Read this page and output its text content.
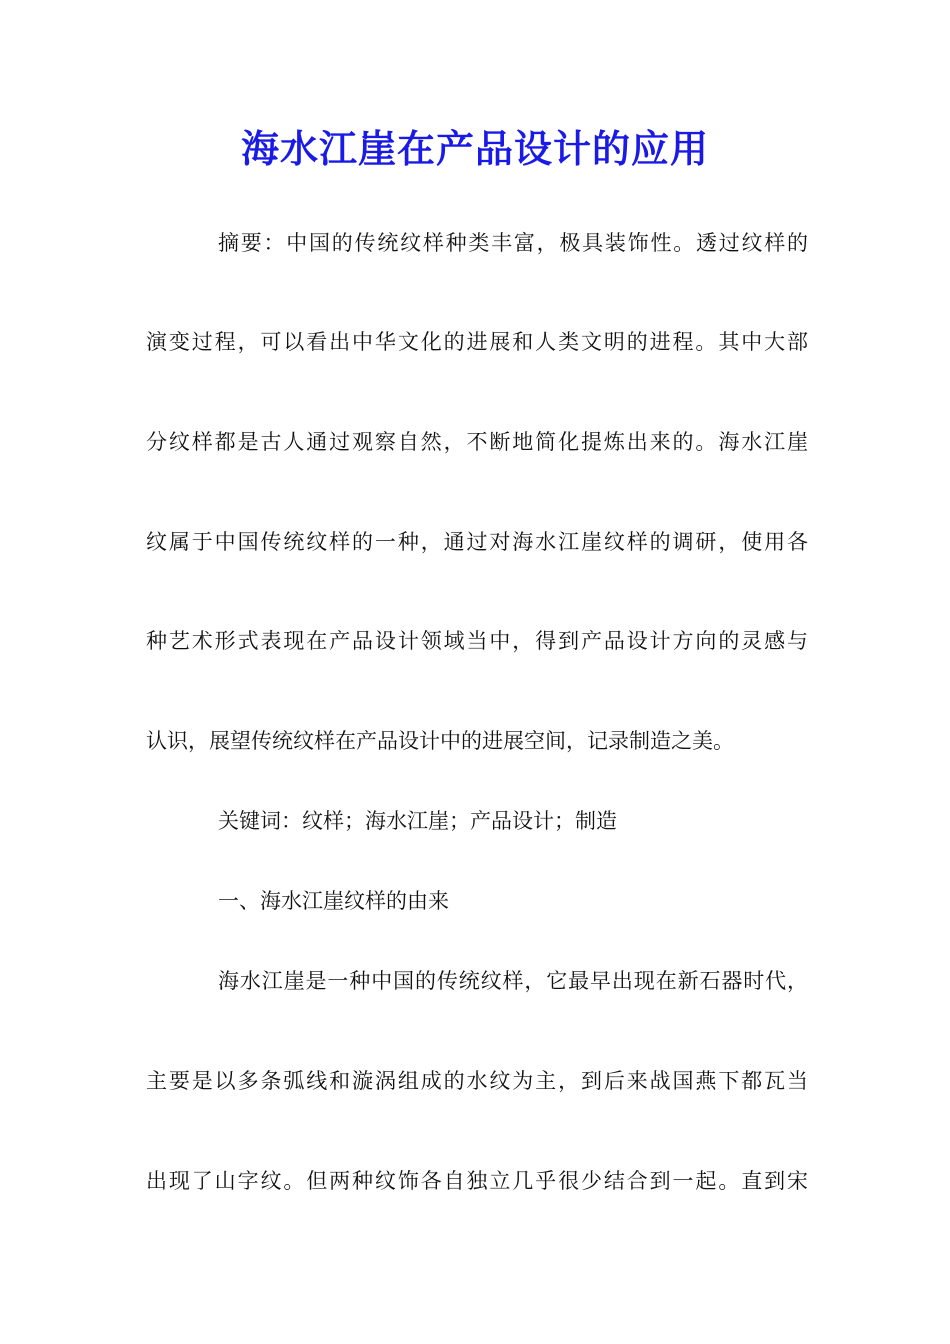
海水江崖在产品设计的应用

摘要：中国的传统纹样种类丰富，极具装饰性。透过纹样的

演变过程，可以看出中华文化的进展和人类文明的进程。其中大部

分纹样都是古人通过观察自然，不断地简化提炼出来的。海水江崖

纹属于中国传统纹样的一种，通过对海水江崖纹样的调研，使用各

种艺术形式表现在产品设计领域当中，得到产品设计方向的灵感与

认识，展望传统纹样在产品设计中的进展空间，记录制造之美。

关键词：纹样；海水江崖；产品设计；制造

一、海水江崖纹样的由来

海水江崖是一种中国的传统纹样，它最早出现在新石器时代，

主要是以多条弧线和漩涡组成的水纹为主，到后来战国燕下都瓦当

出现了山字纹。但两种纹饰各自独立几乎很少结合到一起。直到宋
